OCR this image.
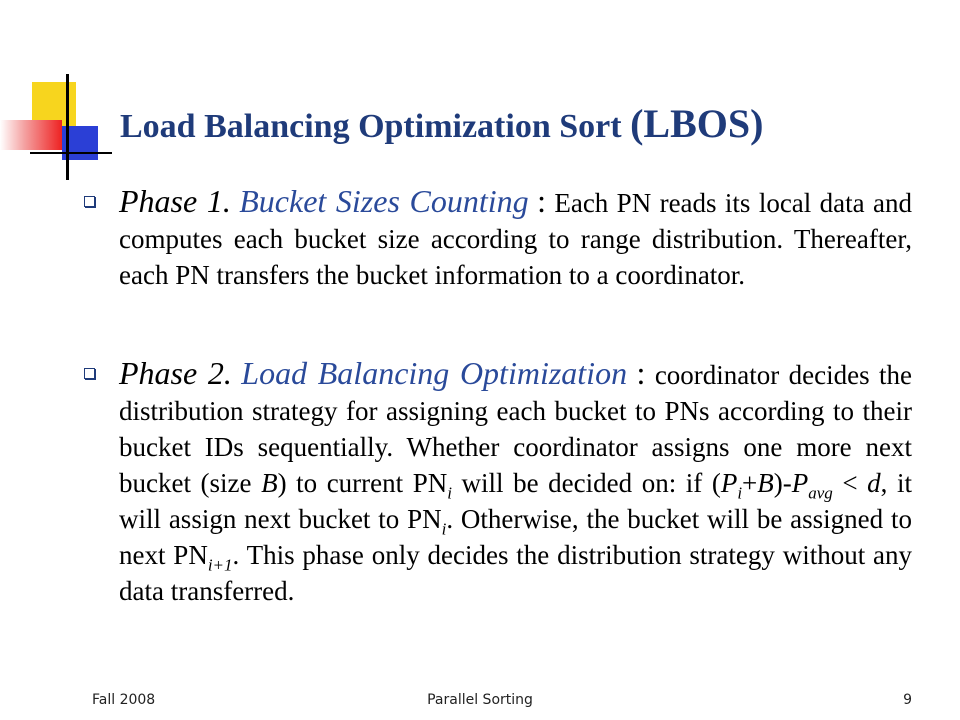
Load Balancing Optimization Sort (LBOS)
Phase 1. Bucket Sizes Counting : Each PN reads its local data and computes each bucket size according to range distribution. Thereafter, each PN transfers the bucket information to a coordinator.
Phase 2. Load Balancing Optimization : coordinator decides the distribution strategy for assigning each bucket to PNs according to their bucket IDs sequentially. Whether coordinator assigns one more next bucket (size B) to current $PN_i$ will be decided on: if $(P_i+B)-P_{avg} < d$, it will assign next bucket to $PN_i$. Otherwise, the bucket will be assigned to next $PN_{i+1}$. This phase only decides the distribution strategy without any data transferred.
Fall 2008	Parallel Sorting	9
